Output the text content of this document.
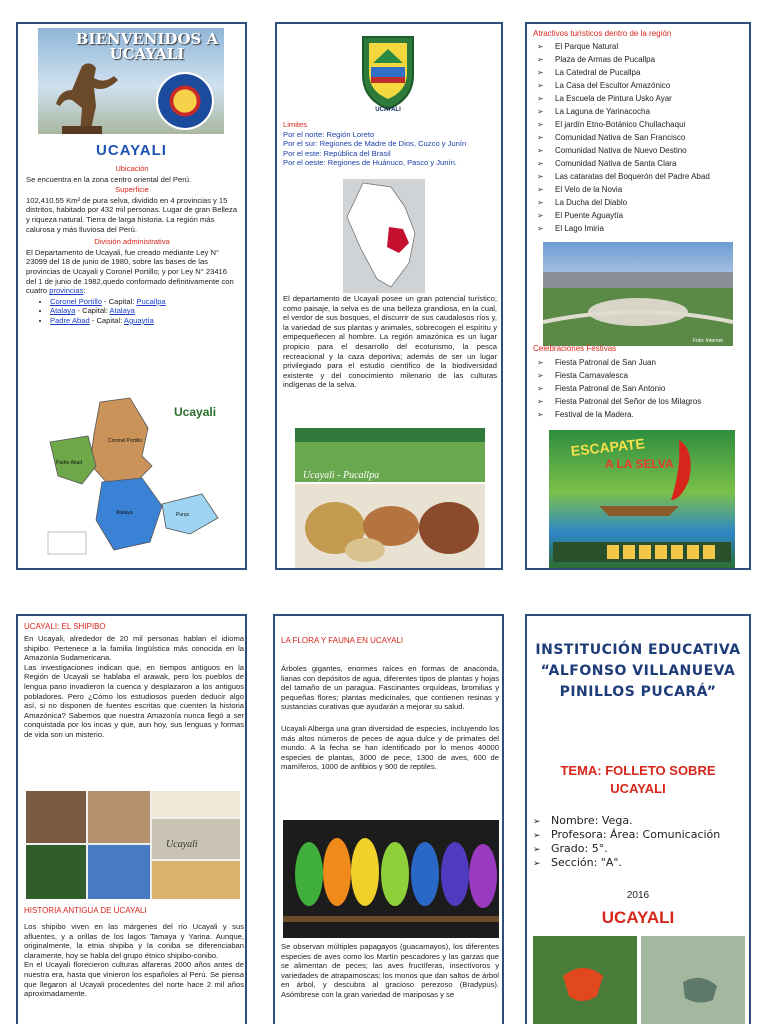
BIENVENIDOS A UCAYALI
UCAYALI

Ubicación

Se encuentra en la zona centro oriental del Perú.

Superficie

102,410.55 Km² de pura selva, dividido en 4 provincias y 15 distritos, habitado por 432 mil personas. Lugar de gran Belleza y riqueza natural. Tierra de larga historia. La región más calurosa y más lluviosa del Perú.

División administrativa

El Departamento de Ucayali, fue creado mediante Ley N° 23099 del 18 de junio de 1980, sobre las bases de las provincias de Ucayali y Coronel Portillo; y por Ley N° 23416 del 1 de junio de 1982,quedo conformado definitivamente con cuatro provincias:

• Coronel Portillo - Capital: Pucallpa
• Atalaya - Capital: Atalaya
• Padre Abad - Capital: Aguaytía
Ucayali
Padre Abad
Coronel Portillo
Atalaya	Purus
UCAYALI

Limites

Por el norte: Región Loreto

Por el sur: Regiones de Madre de Dios, Cuzco y Junín

Por el este: República del Brasil

Por el oeste: Regiones de Huánuco, Pasco y Junín.

El departamento de Ucayali posee un gran potencial turístico; como paisaje, la selva es de una belleza grandiosa, en la cual, el verdor de sus bosques, el discurrir de sus caudalosos ríos y, la variedad de sus plantas y animales, sobrecogen el espíritu y empequeñecen al hombre. La región amazónica es un lugar propicio para el desarrollo del ecoturismo, la pesca recreacional y la caza deportiva; además de ser un lugar privilegiado para el estudio científico de la biodiversidad existente y del conocimiento milenario de las culturas indígenas de la selva.
Ucayali - Pucallpa
Atractivos turísticos dentro de la región
➢ El Parque Natural
➢ Plaza de Armas de Pucallpa
➢ La Catedral de Pucallpa
➢ La Casa del Escultor Amazónico
➢ La Escuela de Pintura Usko Ayar
➢ La Laguna de Yarinacocha
➢ El jardín Etno-Botánico Chullachaqui
➢ Comunidad Nativa de San Francisco
➢ Comunidad Nativa de Nuevo Destino
➢ Comunidad Nativa de Santa Clara
➢ Las cataratas del Boquerón del Padre Abad
➢ El Velo de la Novia
➢ La Ducha del Diablo
➢ El Puente Aguaytía
➢ El Lago Imiria
Foto: Internet
Celebraciones Festivas
➢ Fiesta Patronal de San Juan
➢ Fiesta Carnavalesca
➢ Fiesta Patronal de San Antonio
➢ Fiesta Patronal del Señor de los Milagros
➢ Festival de la Madera.
ESCAPATE
A LA SELVA
UCAYALI: EL SHIPIBO

En Ucayali, alrededor de 20 mil personas hablan el idioma shipibo. Pertenece a la familia lingüística más conocida en la Amazonía Sudamericana.

Las investigaciones indican que, en tiempos antiguos en la Región de Ucayali se hablaba el arawak, pero los pueblos de lengua pano invadieron la cuenca y desplazaron a los antiguos pobladores. Pero ¿Cómo los estudiosos pueden deducir algo así, si no disponen de fuentes escritas que cuenten la historia Amazónica? Sabemos que nuestra Amazonía nunca llegó a ser conquistada por los incas y que, aun hoy, sus lenguas y formas de vida son un misterio.

Ucayali
HISTORIA ANTIGUA DE UCAYALI

Los shipibo viven en las márgenes del río Ucayali y sus afluentes, y a orillas de los lagos Tamaya y Yarina. Aunque, originalmente, la etnia shipiba y la coniba se diferenciaban claramente, hoy se habla del grupo étnico shipibo-conibo.

En el Ucayali florecieron culturas alfareras 2000 años antes de nuestra era, hasta que vinieron los españoles al Perú. Se piensa que llegaron al Ucayali procedentes del norte hace 2 mil años aproximadamente.

LA FLORA Y FAUNA EN UCAYALI
Árboles gigantes, enormes raíces en formas de anaconda, lianas con depósitos de agua, diferentes tipos de plantas y hojas del tamaño de un paragua. Fascinantes orquídeas, bromilias y pequeñas flores; plantas medicinales, que contienen resinas y sustancias curativas que ayudarán a mejorar su salud.
Ucayali Alberga una gran diversidad de especies, incluyendo los más altos números de peces de agua dulce y de primates del mundo. A la fecha se han identificado por lo menos 40000 especies de plantas, 3000 de pece, 1300 de aves, 600 de mamíferos, 1000 de anfibios y 900 de reptiles.
Se observan múltiples papagayos (guacamayos), los diferentes especies de aves como los Martín pescadores y las garzas que se alimentan de peces; las aves fructíferas, insectívoros y variedades de atrapamoscas; los monos que dan saltos de árbol en árbol, y descubra al gracioso perezoso (Bradypus). Asómbrese con la gran variedad de mariposas y se
INSTITUCIÓN EDUCATIVA “ALFONSO VILLANUEVA PINILLOS PUCARÁ”
TEMA: FOLLETO SOBRE UCAYALI
➢ Nombre: Vega.
➢ Profesora: Área: Comunicación
➢ Grado: 5°.
➢ Sección: "A".
2016
UCAYALI
